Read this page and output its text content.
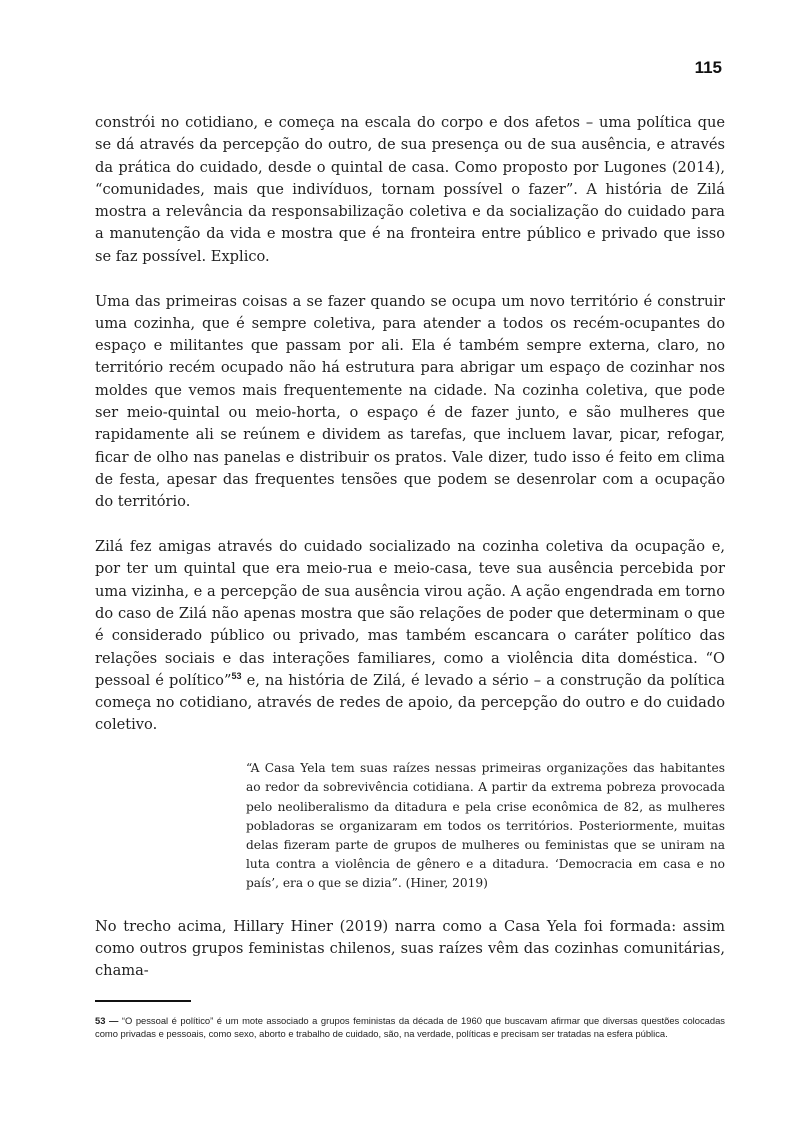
115

constrói no cotidiano, e começa na escala do corpo e dos afetos – uma política que se dá através da percepção do outro, de sua presença ou de sua ausência, e através da prática do cuidado, desde o quintal de casa. Como proposto por Lugones (2014), “comunidades, mais que indivíduos, tornam possível o fazer”. A história de Zilá mostra a relevância da responsabilização coletiva e da socialização do cuidado para a manutenção da vida e mostra que é na fronteira entre público e privado que isso se faz possível. Explico.

Uma das primeiras coisas a se fazer quando se ocupa um novo território é construir uma cozinha, que é sempre coletiva, para atender a todos os recém-ocupantes do espaço e militantes que passam por ali. Ela é também sempre externa, claro, no território recém ocupado não há estrutura para abrigar um espaço de cozinhar nos moldes que vemos mais frequentemente na cidade. Na cozinha coletiva, que pode ser meio-quintal ou meio-horta, o espaço é de fazer junto, e são mulheres que rapidamente ali se reúnem e dividem as tarefas, que incluem lavar, picar, refogar, ficar de olho nas panelas e distribuir os pratos. Vale dizer, tudo isso é feito em clima de festa, apesar das frequentes tensões que podem se desenrolar com a ocupação do território.

Zilá fez amigas através do cuidado socializado na cozinha coletiva da ocupação e, por ter um quintal que era meio-rua e meio-casa, teve sua ausência percebida por uma vizinha, e a percepção de sua ausência virou ação. A ação engendrada em torno do caso de Zilá não apenas mostra que são relações de poder que determinam o que é considerado público ou privado, mas também escancara o caráter político das relações sociais e das interações familiares, como a violência dita doméstica. “O pessoal é político”$^{53}$ e, na história de Zilá, é levado a sério – a construção da política começa no cotidiano, através de redes de apoio, da percepção do outro e do cuidado coletivo.

“A Casa Yela tem suas raízes nessas primeiras organizações das habitantes ao redor da sobrevivência cotidiana. A partir da extrema pobreza provocada pelo neoliberalismo da ditadura e pela crise econômica de 82, as mulheres pobladoras se organizaram em todos os territórios. Posteriormente, muitas delas fizeram parte de grupos de mulheres ou feministas que se uniram na luta contra a violência de gênero e a ditadura. ‘Democracia em casa e no país’, era o que se dizia”. (Hiner, 2019)

No trecho acima, Hillary Hiner (2019) narra como a Casa Yela foi formada: assim como outros grupos feministas chilenos, suas raízes vêm das cozinhas comunitárias, chama-

53 — “O pessoal é político” é um mote associado a grupos feministas da década de 1960 que buscavam afirmar que diversas questões colocadas como privadas e pessoais, como sexo, aborto e trabalho de cuidado, são, na verdade, políticas e precisam ser tratadas na esfera pública.
